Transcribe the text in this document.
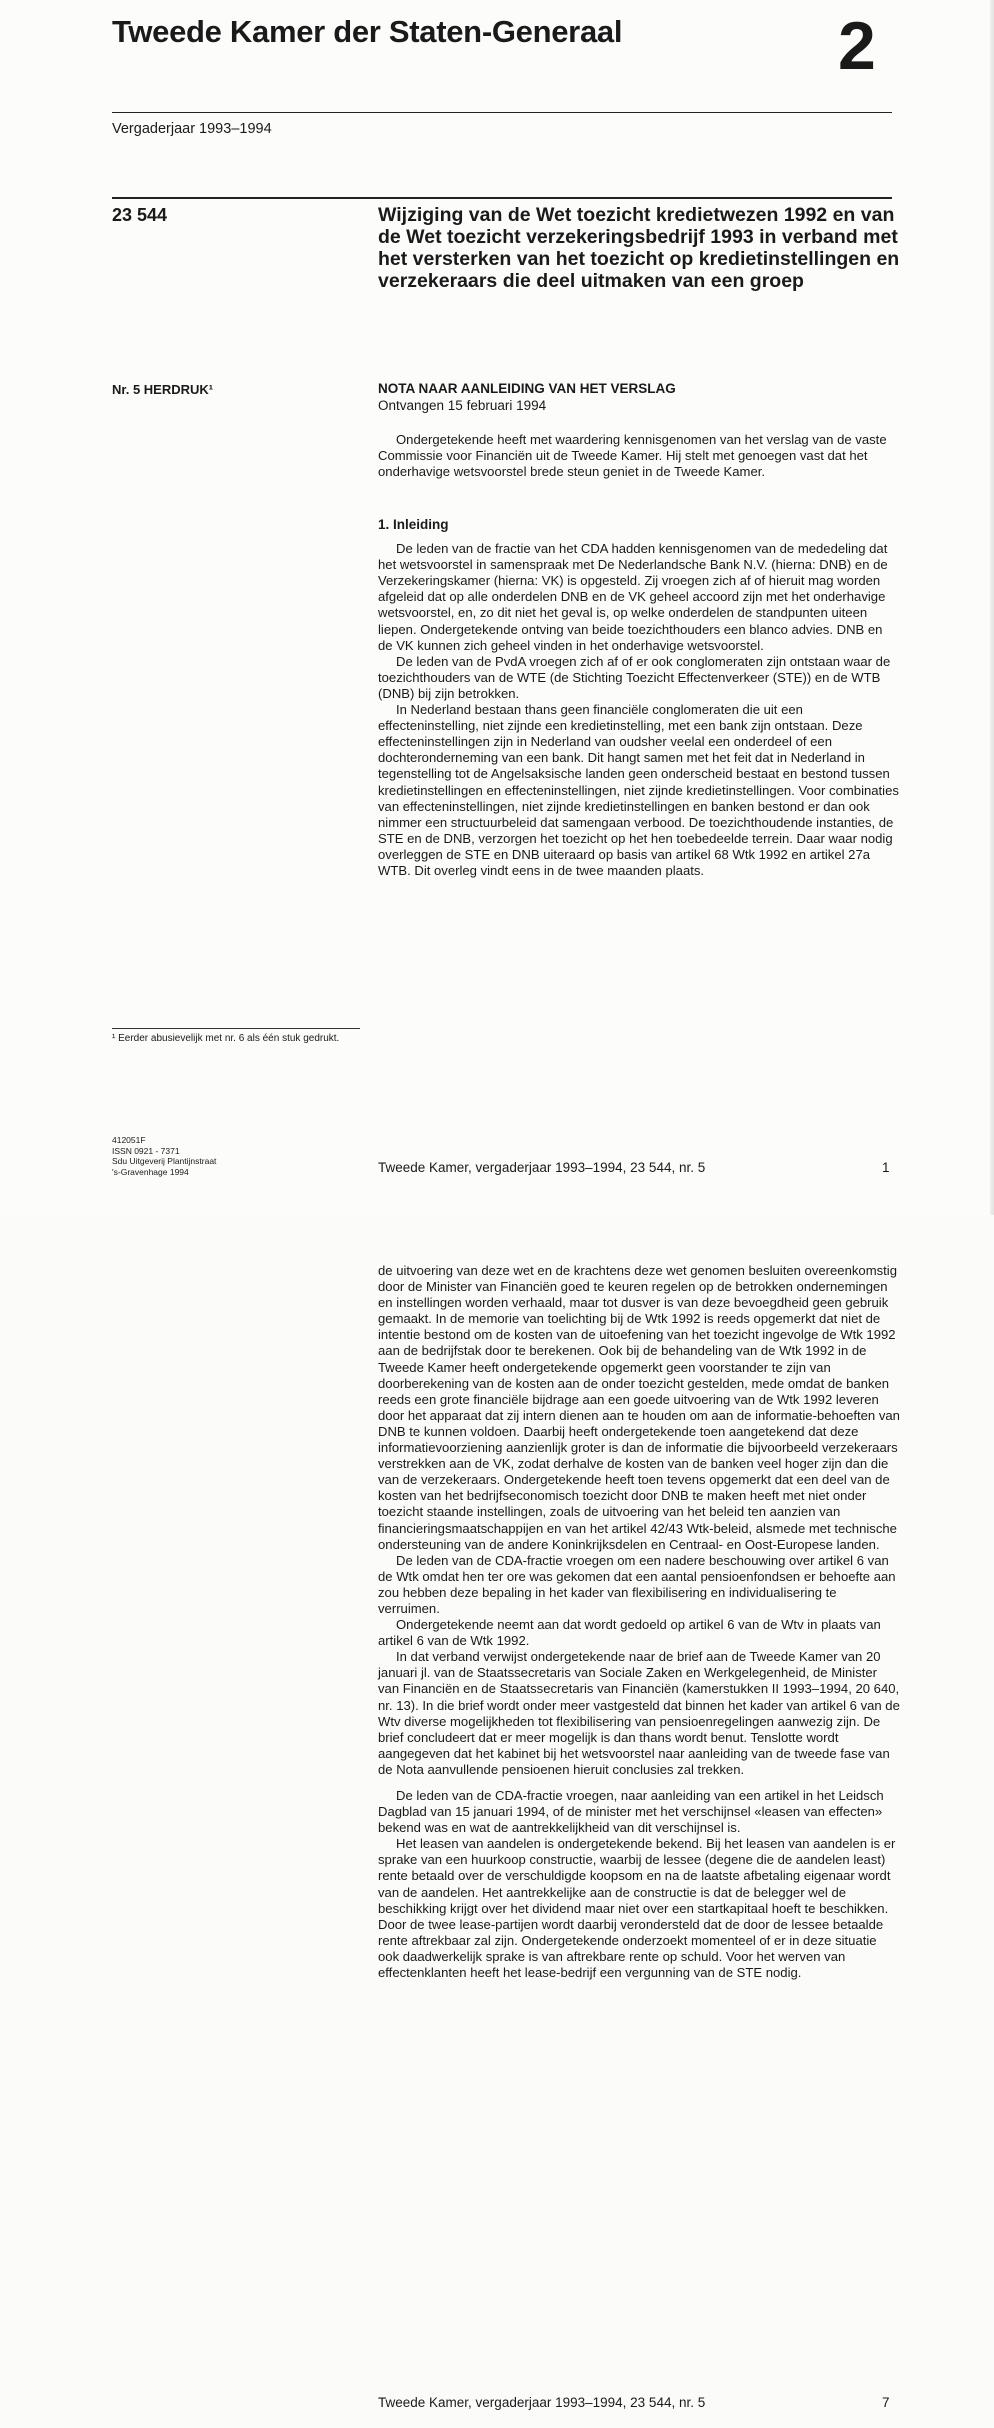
Tweede Kamer der Staten-Generaal	2
Vergaderjaar 1993–1994
23 544	Wijziging van de Wet toezicht kredietwezen 1992 en van de Wet toezicht verzekeringsbedrijf 1993 in verband met het versterken van het toezicht op kredietinstellingen en verzekeraars die deel uitmaken van een groep
Nr. 5 HERDRUK¹	NOTA NAAR AANLEIDING VAN HET VERSLAG
Ontvangen 15 februari 1994

Ondergetekende heeft met waardering kennisgenomen van het verslag van de vaste Commissie voor Financiën uit de Tweede Kamer. Hij stelt met genoegen vast dat het onderhavige wetsvoorstel brede steun geniet in de Tweede Kamer.

1. Inleiding

De leden van de fractie van het CDA hadden kennisgenomen van de mededeling dat het wetsvoorstel in samenspraak met De Nederlandsche Bank N.V. (hierna: DNB) en de Verzekeringskamer (hierna: VK) is opgesteld. Zij vroegen zich af of hieruit mag worden afgeleid dat op alle onderdelen DNB en de VK geheel accoord zijn met het onderhavige wetsvoorstel, en, zo dit niet het geval is, op welke onderdelen de standpunten uiteen liepen. Ondergetekende ontving van beide toezichthouders een blanco advies. DNB en de VK kunnen zich geheel vinden in het onderhavige wetsvoorstel.

De leden van de PvdA vroegen zich af of er ook conglomeraten zijn ontstaan waar de toezichthouders van de WTE (de Stichting Toezicht Effectenverkeer (STE)) en de WTB (DNB) bij zijn betrokken.

In Nederland bestaan thans geen financiële conglomeraten die uit een effecteninstelling, niet zijnde een kredietinstelling, met een bank zijn ontstaan. Deze effecteninstellingen zijn in Nederland van oudsher veelal een onderdeel of een dochteronderneming van een bank. Dit hangt samen met het feit dat in Nederland in tegenstelling tot de Angelsaksische landen geen onderscheid bestaat en bestond tussen kredietinstellingen en effecteninstellingen, niet zijnde kredietinstellingen. Voor combinaties van effecteninstellingen, niet zijnde kredietinstellingen en banken bestond er dan ook nimmer een structuurbeleid dat samengaan verbood. De toezichthoudende instanties, de STE en de DNB, verzorgen het toezicht op het hen toebedeelde terrein. Daar waar nodig overleggen de STE en DNB uiteraard op basis van artikel 68 Wtk 1992 en artikel 27a WTB. Dit overleg vindt eens in de twee maanden plaats.

¹ Eerder abusievelijk met nr. 6 als één stuk gedrukt.
412051F
ISSN 0921 - 7371
Sdu Uitgeverij Plantijnstraat
's-Gravenhage 1994	Tweede Kamer, vergaderjaar 1993–1994, 23 544, nr. 5	1

de uitvoering van deze wet en de krachtens deze wet genomen besluiten overeenkomstig door de Minister van Financiën goed te keuren regelen op de betrokken ondernemingen en instellingen worden verhaald, maar tot dusver is van deze bevoegdheid geen gebruik gemaakt. In de memorie van toelichting bij de Wtk 1992 is reeds opgemerkt dat niet de intentie bestond om de kosten van de uitoefening van het toezicht ingevolge de Wtk 1992 aan de bedrijfstak door te berekenen. Ook bij de behandeling van de Wtk 1992 in de Tweede Kamer heeft ondergetekende opgemerkt geen voorstander te zijn van doorberekening van de kosten aan de onder toezicht gestelden, mede omdat de banken reeds een grote financiële bijdrage aan een goede uitvoering van de Wtk 1992 leveren door het apparaat dat zij intern dienen aan te houden om aan de informatie-behoeften van DNB te kunnen voldoen. Daarbij heeft ondergetekende toen aangetekend dat deze informatievoorziening aanzienlijk groter is dan de informatie die bijvoorbeeld verzekeraars verstrekken aan de VK, zodat derhalve de kosten van de banken veel hoger zijn dan die van de verzekeraars. Ondergetekende heeft toen tevens opgemerkt dat een deel van de kosten van het bedrijfseconomisch toezicht door DNB te maken heeft met niet onder toezicht staande instellingen, zoals de uitvoering van het beleid ten aanzien van financieringsmaatschappijen en van het artikel 42/43 Wtk-beleid, alsmede met technische ondersteuning van de andere Koninkrijksdelen en Centraal- en Oost-Europese landen.

De leden van de CDA-fractie vroegen om een nadere beschouwing over artikel 6 van de Wtk omdat hen ter ore was gekomen dat een aantal pensioenfondsen er behoefte aan zou hebben deze bepaling in het kader van flexibilisering en individualisering te verruimen.

Ondergetekende neemt aan dat wordt gedoeld op artikel 6 van de Wtv in plaats van artikel 6 van de Wtk 1992.

In dat verband verwijst ondergetekende naar de brief aan de Tweede Kamer van 20 januari jl. van de Staatssecretaris van Sociale Zaken en Werkgelegenheid, de Minister van Financiën en de Staatssecretaris van Financiën (kamerstukken II 1993–1994, 20 640, nr. 13). In die brief wordt onder meer vastgesteld dat binnen het kader van artikel 6 van de Wtv diverse mogelijkheden tot flexibilisering van pensioenregelingen aanwezig zijn. De brief concludeert dat er meer mogelijk is dan thans wordt benut. Tenslotte wordt aangegeven dat het kabinet bij het wetsvoorstel naar aanleiding van de tweede fase van de Nota aanvullende pensioenen hieruit conclusies zal trekken.

De leden van de CDA-fractie vroegen, naar aanleiding van een artikel in het Leidsch Dagblad van 15 januari 1994, of de minister met het verschijnsel «leasen van effecten» bekend was en wat de aantrekkelijkheid van dit verschijnsel is.

Het leasen van aandelen is ondergetekende bekend. Bij het leasen van aandelen is er sprake van een huurkoop constructie, waarbij de lessee (degene die de aandelen least) rente betaald over de verschuldigde koopsom en na de laatste afbetaling eigenaar wordt van de aandelen. Het aantrekkelijke aan de constructie is dat de belegger wel de beschikking krijgt over het dividend maar niet over een startkapitaal hoeft te beschikken. Door de twee lease-partijen wordt daarbij verondersteld dat de door de lessee betaalde rente aftrekbaar zal zijn. Ondergetekende onderzoekt momenteel of er in deze situatie ook daadwerkelijk sprake is van aftrekbare rente op schuld. Voor het werven van effectenklanten heeft het lease-bedrijf een vergunning van de STE nodig.

Tweede Kamer, vergaderjaar 1993–1994, 23 544, nr. 5	7
